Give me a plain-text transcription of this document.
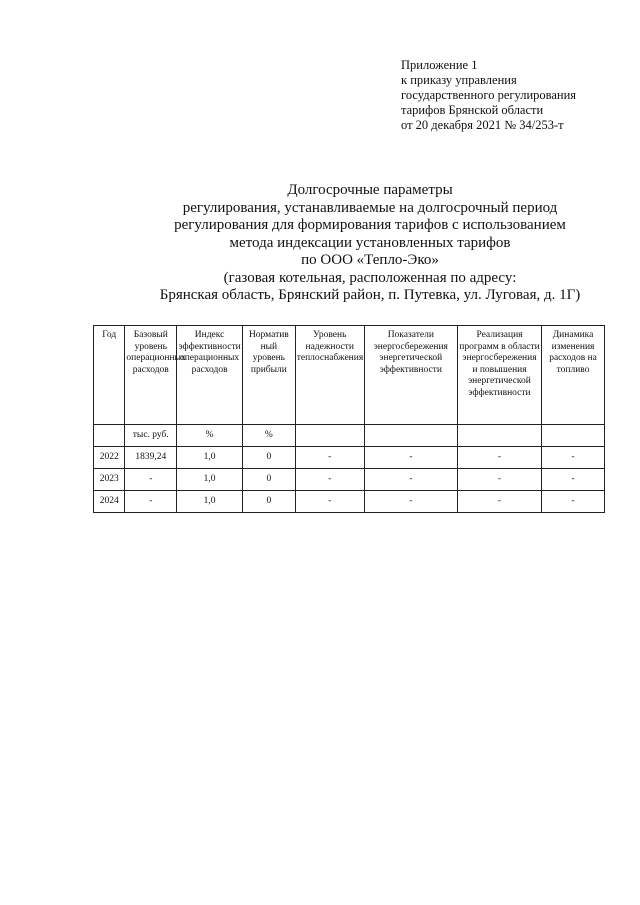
Приложение 1
к приказу управления
государственного регулирования
тарифов Брянской области
от 20 декабря 2021 № 34/253-т
Долгосрочные параметры
регулирования, устанавливаемые на долгосрочный период
регулирования для формирования тарифов с использованием
метода индексации установленных тарифов
по ООО «Тепло-Эко»
(газовая котельная, расположенная по адресу:
Брянская область, Брянский район, п. Путевка, ул. Луговая, д. 1Г)
Год	Базовый уровень операционных расходов	Индекс эффективности операционных расходов	Норматив ный уровень прибыли	Уровень надежности теплоснабжения	Показатели энергосбережения энергетической эффективности	Реализация программ в области энергосбережения и повышения энергетической эффективности	Динамика изменения расходов на топливо
	тыс. руб.	%	%				
2022	1839,24	1,0	0	-	-	-	-
2023	-	1,0	0	-	-	-	-
2024	-	1,0	0	-	-	-	-
